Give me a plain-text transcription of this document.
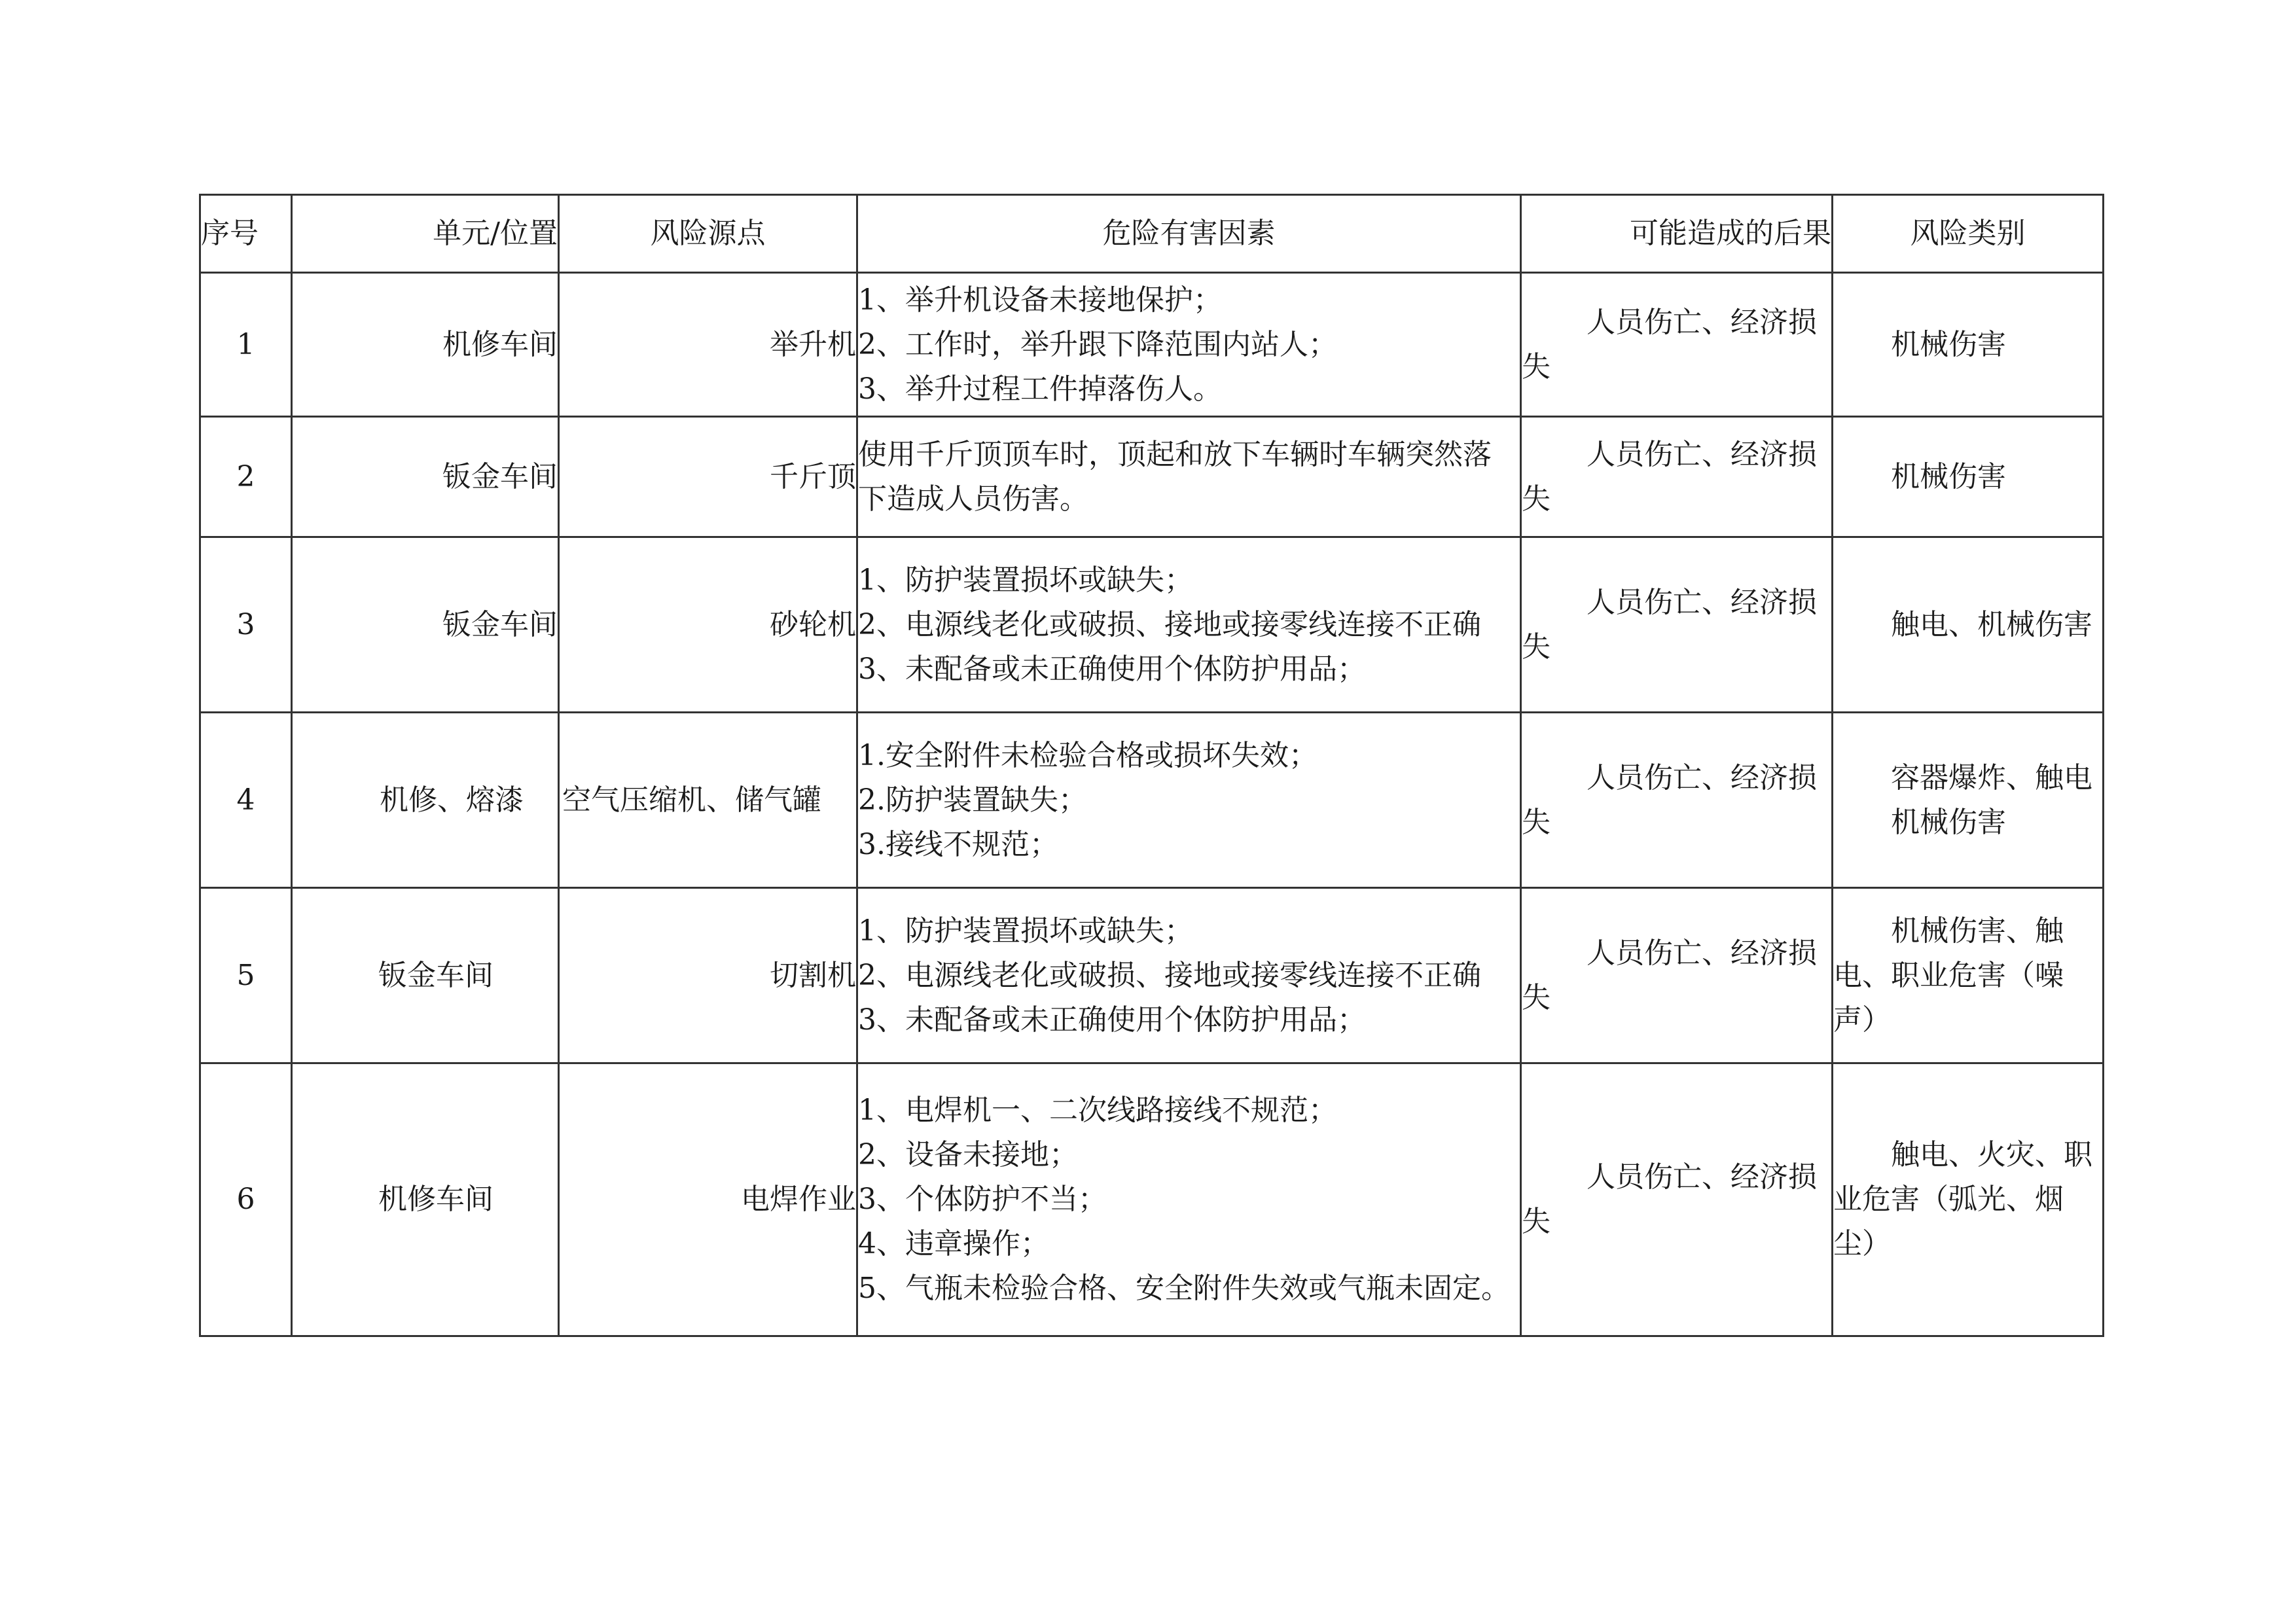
序号	单元/位置	风险源点	危险有害因素	可能造成的后果	风险类别
1	机修车间	举升机	1、举升机设备未接地保护；
2、工作时，举升跟下降范围内站人；
3、举升过程工件掉落伤人。	人员伤亡、经济损
失	机械伤害

2	钣金车间	千斤顶	使用千斤顶顶车时，顶起和放下车辆时车辆突然落下造成人员伤害。	人员伤亡、经济损
失	机械伤害

3	钣金车间	砂轮机	1、防护装置损坏或缺失；
2、电源线老化或破损、接地或接零线连接不正确
3、未配备或未正确使用个体防护用品；	人员伤亡、经济损
失	触电、机械伤害

4	机修、熔漆	空气压缩机、储气罐	1.安全附件未检验合格或损坏失效；
2.防护装置缺失；
3.接线不规范；	人员伤亡、经济损
失	容器爆炸、触电机械伤害

5	钣金车间	切割机	1、防护装置损坏或缺失；
2、电源线老化或破损、接地或接零线连接不正确
3、未配备或未正确使用个体防护用品；	人员伤亡、经济损
失	机械伤害、触电、职业危害（噪声）

6	机修车间	电焊作业	1、电焊机一、二次线路接线不规范；
2、设备未接地；
3、个体防护不当；
4、违章操作；
5、气瓶未检验合格、安全附件失效或气瓶未固定。	人员伤亡、经济损
失	触电、火灾、职业危害（弧光、烟尘）
